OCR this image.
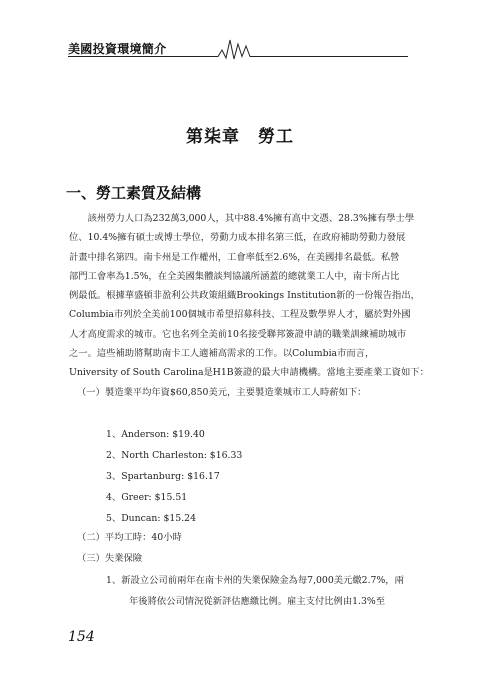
美國投資環境簡介
第柒章　勞工
一、勞工素質及結構
　　該州勞力人口為232萬3,000人，其中88.4%擁有高中文憑、28.3%擁有學士學
位、10.4%擁有碩士或博士學位，勞動力成本排名第三低，在政府補助勞動力發展
計畫中排名第四。南卡州是工作權州，工會率低至2.6%，在美國排名最低。私營
部門工會率為1.5%，在全美國集體談判協議所涵蓋的總就業工人中，南卡所占比
例最低。根據華盛頓非盈利公共政策組織Brookings Institution新的一份報告指出，
Columbia市列於全美前100個城市希望招募科技、工程及數學界人才，屬於對外國
人才高度需求的城市。它也名列全美前10名接受聯邦簽證申請的職業訓練補助城市
之一。這些補助將幫助南卡工人適補高需求的工作。以Columbia市而言，
University of South Carolina是H1B簽證的最大申請機構。當地主要產業工資如下：
（一）製造業平均年資$60,850美元，主要製造業城市工人時薪如下：
1、Anderson: $19.40
2、North Charleston: $16.33
3、Spartanburg: $16.17
4、Greer: $15.51
5、Duncan: $15.24
（二）平均工時：40小時
（三）失業保險
1、新設立公司前兩年在南卡州的失業保險金為每7,000美元繳2.7%，兩
年後將依公司情況從新評估應繳比例。雇主支付比例由1.3%至
154
